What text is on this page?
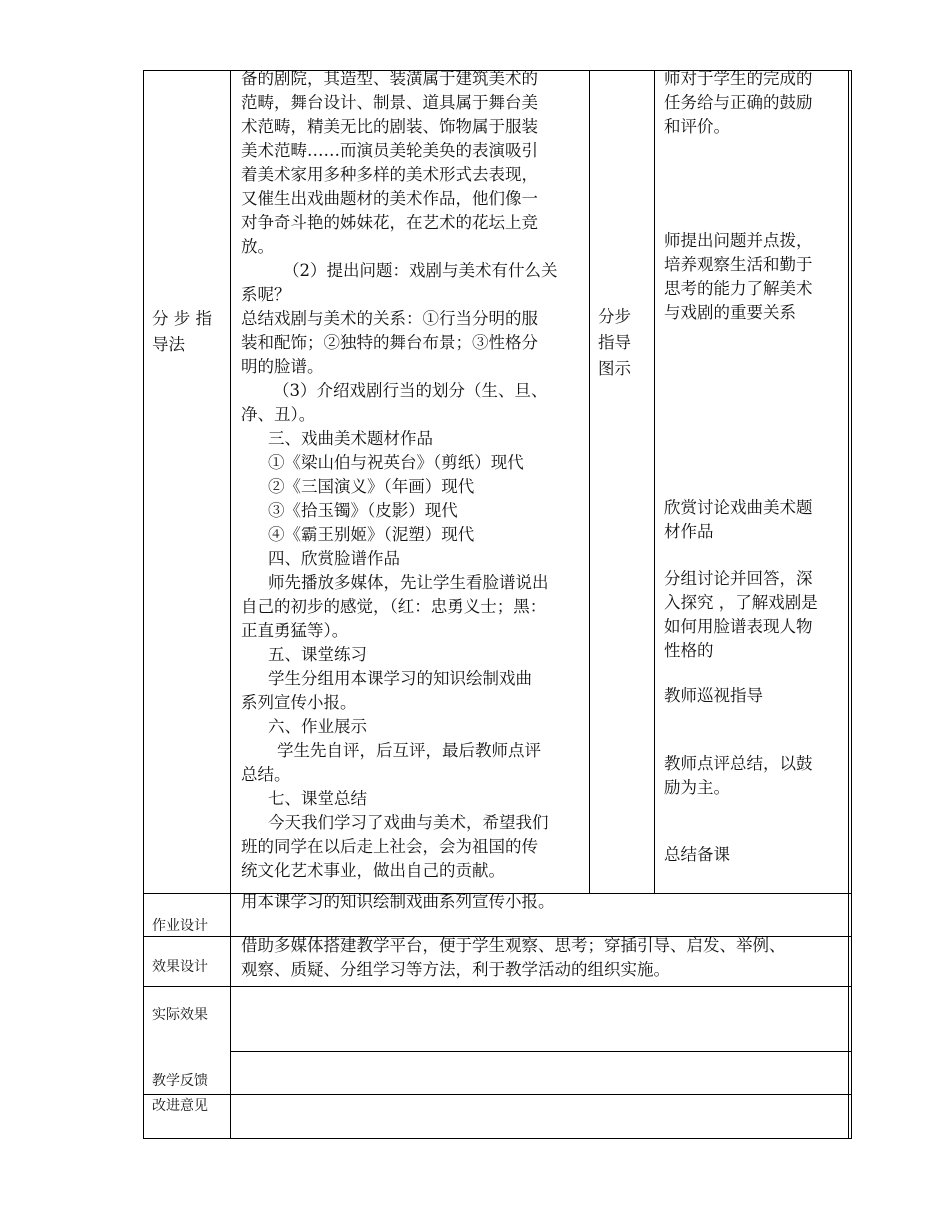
分 步 指
导法

备的剧院，其造型、装潢属于建筑美术的

范畴，舞台设计、制景、道具属于舞台美

术范畴，精美无比的剧装、饰物属于服装

美术范畴……而演员美轮美奂的表演吸引

着美术家用多种多样的美术形式去表现，

又催生出戏曲题材的美术作品，他们像一

对争奇斗艳的姊妹花，在艺术的花坛上竞

放。

（2）提出问题：戏剧与美术有什么关

系呢？

总结戏剧与美术的关系：①行当分明的服

装和配饰；②独特的舞台布景；③性格分

明的脸谱。

（3）介绍戏剧行当的划分（生、旦、

净、丑）。

三、戏曲美术题材作品

①《梁山伯与祝英台》（剪纸）现代

②《三国演义》（年画）现代

③《拾玉镯》（皮影）现代

④《霸王别姬》（泥塑）现代

四、欣赏脸谱作品

师先播放多媒体，先让学生看脸谱说出

自己的初步的感觉，（红：忠勇义士；黑：

正直勇猛等）。

五、课堂练习

学生分组用本课学习的知识绘制戏曲

系列宣传小报。

六、作业展示

学生先自评，后互评，最后教师点评

总结。

七、课堂总结

今天我们学习了戏曲与美术，希望我们

班的同学在以后走上社会，会为祖国的传

统文化艺术事业，做出自己的贡献。

分步
指导
图示

师对于学生的完成的

任务给与正确的鼓励

和评价。

师提出问题并点拨，

培养观察生活和勤于

思考的能力了解美术

与戏剧的重要关系

欣赏讨论戏曲美术题

材作品

分组讨论并回答，深

入探究 ，了解戏剧是

如何用脸谱表现人物

性格的

教师巡视指导

教师点评总结，以鼓

励为主。

总结备课

作业设计

用本课学习的知识绘制戏曲系列宣传小报。

效果设计

借助多媒体搭建教学平台，便于学生观察、思考；穿插引导、启发、举例、

观察、质疑、分组学习等方法，利于教学活动的组织实施。

实际效果
教学反馈
改进意见
